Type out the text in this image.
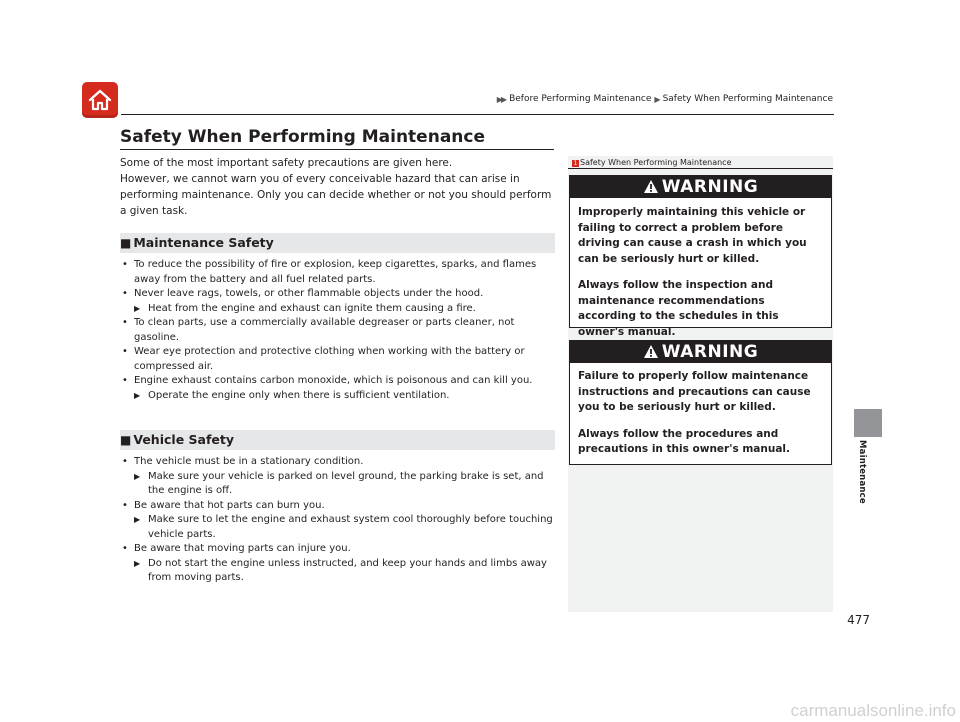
▶▶ Before Performing Maintenance ▶ Safety When Performing Maintenance
Safety When Performing Maintenance

Some of the most important safety precautions are given here.
However, we cannot warn you of every conceivable hazard that can arise in
performing maintenance. Only you can decide whether or not you should perform
a given task.

■ Maintenance Safety
• To reduce the possibility of fire or explosion, keep cigarettes, sparks, and flames away from the battery and all fuel related parts.
• Never leave rags, towels, or other flammable objects under the hood.
▶ Heat from the engine and exhaust can ignite them causing a fire.
• To clean parts, use a commercially available degreaser or parts cleaner, not gasoline.
• Wear eye protection and protective clothing when working with the battery or compressed air.
• Engine exhaust contains carbon monoxide, which is poisonous and can kill you.
▶ Operate the engine only when there is sufficient ventilation.
■ Vehicle Safety
• The vehicle must be in a stationary condition.
▶ Make sure your vehicle is parked on level ground, the parking brake is set, and the engine is off.
• Be aware that hot parts can burn you.
▶ Make sure to let the engine and exhaust system cool thoroughly before touching vehicle parts.
• Be aware that moving parts can injure you.
▶ Do not start the engine unless instructed, and keep your hands and limbs away from moving parts.
1 Safety When Performing Maintenance
WARNING

Improperly maintaining this vehicle or failing to correct a problem before driving can cause a crash in which you can be seriously hurt or killed.

Always follow the inspection and maintenance recommendations according to the schedules in this owner's manual.

WARNING

Failure to properly follow maintenance instructions and precautions can cause you to be seriously hurt or killed.

Always follow the procedures and precautions in this owner's manual.	Maintenance
477
carmanualsonline.info
